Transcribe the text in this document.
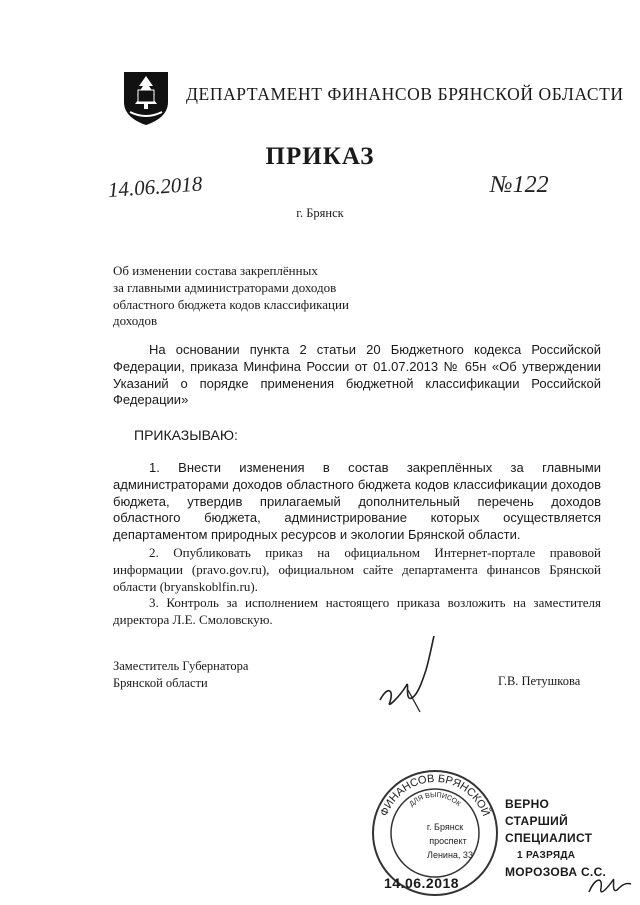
ДЕПАРТАМЕНТ ФИНАНСОВ БРЯНСКОЙ ОБЛАСТИ
ПРИКАЗ
14.06.2018	№122
г. Брянск
Об изменении состава закреплённых
за главными администраторами доходов
областного бюджета кодов классификации
доходов
На основании пункта 2 статьи 20 Бюджетного кодекса Российской Федерации, приказа Минфина России от 01.07.2013 № 65н «Об утверждении Указаний о порядке применения бюджетной классификации Российской Федерации»
ПРИКАЗЫВАЮ:
1. Внести изменения в состав закреплённых за главными администраторами доходов областного бюджета кодов классификации доходов бюджета, утвердив прилагаемый дополнительный перечень доходов областного бюджета, администрирование которых осуществляется департаментом природных ресурсов и экологии Брянской области.
2. Опубликовать приказ на официальном Интернет-портале правовой информации (pravo.gov.ru), официальном сайте департамента финансов Брянской области (bryanskoblfin.ru).
3. Контроль за исполнением настоящего приказа возложить на заместителя директора Л.Е. Смоловскую.
Заместитель Губернатора
Брянской области	Г.В. Петушкова
ФИНАНСОВ БРЯНСКОЙ
ДЛЯ ВЫПИСОК
г. Брянск
проспект
Ленина, 33
ВЕРНО
СТАРШИЙ СПЕЦИАЛИСТ
1 РАЗРЯДА
МОРОЗОВА С.С.
14.06.2018
